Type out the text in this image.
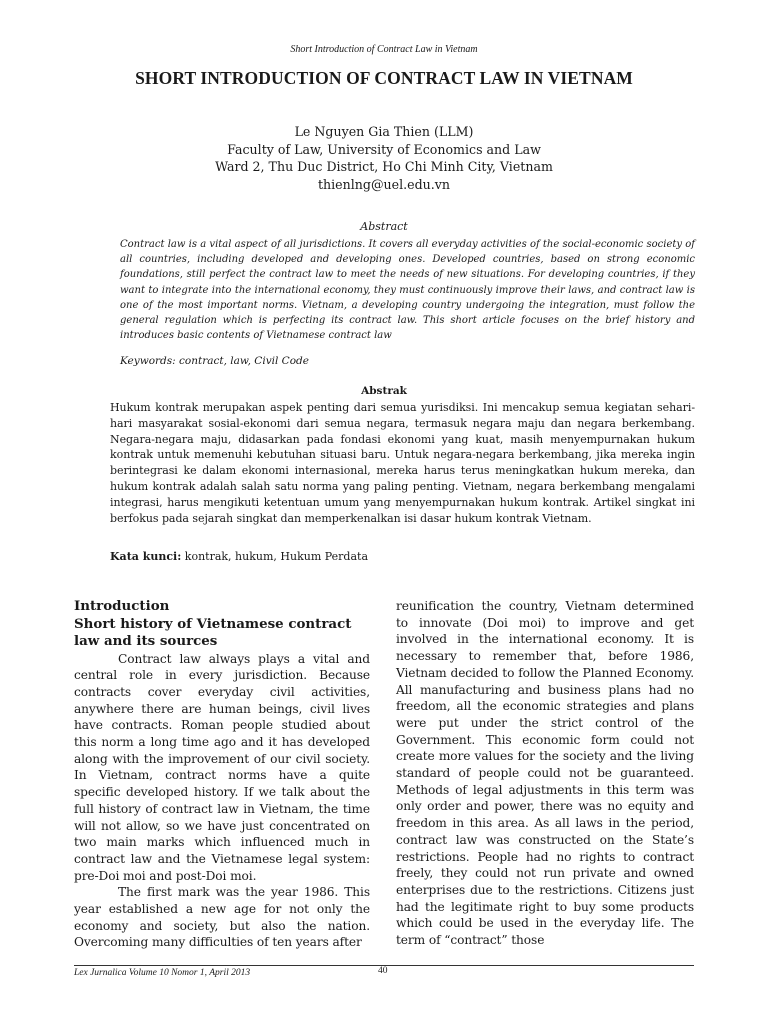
Short Introduction of Contract Law in Vietnam
SHORT INTRODUCTION OF CONTRACT LAW IN VIETNAM
Le Nguyen Gia Thien (LLM)
Faculty of Law, University of Economics and Law
Ward 2, Thu Duc District, Ho Chi Minh City, Vietnam
thienlng@uel.edu.vn
Abstract
Contract law is a vital aspect of all jurisdictions. It covers all everyday activities of the social-economic society of all countries, including developed and developing ones. Developed countries, based on strong economic foundations, still perfect the contract law to meet the needs of new situations. For developing countries, if they want to integrate into the international economy, they must continuously improve their laws, and contract law is one of the most important norms. Vietnam, a developing country undergoing the integration, must follow the general regulation which is perfecting its contract law. This short article focuses on the brief history and introduces basic contents of Vietnamese contract law
Keywords: contract, law, Civil Code
Abstrak
Hukum kontrak merupakan aspek penting dari semua yurisdiksi. Ini mencakup semua kegiatan sehari-hari masyarakat sosial-ekonomi dari semua negara, termasuk negara maju dan negara berkembang. Negara-negara maju, didasarkan pada fondasi ekonomi yang kuat, masih menyempurnakan hukum kontrak untuk memenuhi kebutuhan situasi baru. Untuk negara-negara berkembang, jika mereka ingin berintegrasi ke dalam ekonomi internasional, mereka harus terus meningkatkan hukum mereka, dan hukum kontrak adalah salah satu norma yang paling penting. Vietnam, negara berkembang mengalami integrasi, harus mengikuti ketentuan umum yang menyempurnakan hukum kontrak. Artikel singkat ini berfokus pada sejarah singkat dan memperkenalkan isi dasar hukum kontrak Vietnam.
Kata kunci: kontrak, hukum, Hukum Perdata

Introduction

Short history of Vietnamese contract law and its sources

Contract law always plays a vital and central role in every jurisdiction. Because contracts cover everyday civil activities, anywhere there are human beings, civil lives have contracts. Roman people studied about this norm a long time ago and it has developed along with the improvement of our civil society. In Vietnam, contract norms have a quite specific developed history. If we talk about the full history of contract law in Vietnam, the time will not allow, so we have just concentrated on two main marks which influenced much in contract law and the Vietnamese legal system: pre-Doi moi and post-Doi moi.

The first mark was the year 1986. This year established a new age for not only the economy and society, but also the nation. Overcoming many difficulties of ten years after

reunification the country, Vietnam determined to innovate (Doi moi) to improve and get involved in the international economy. It is necessary to remember that, before 1986, Vietnam decided to follow the Planned Economy. All manufacturing and business plans had no freedom, all the economic strategies and plans were put under the strict control of the Government. This economic form could not create more values for the society and the living standard of people could not be guaranteed. Methods of legal adjustments in this term was only order and power, there was no equity and freedom in this area. As all laws in the period, contract law was constructed on the State’s restrictions. People had no rights to contract freely, they could not run private and owned enterprises due to the restrictions. Citizens just had the legitimate right to buy some products which could be used in the everyday life. The term of “contract” those

Lex Jurnalica Volume 10 Nomor 1, April 2013	40
